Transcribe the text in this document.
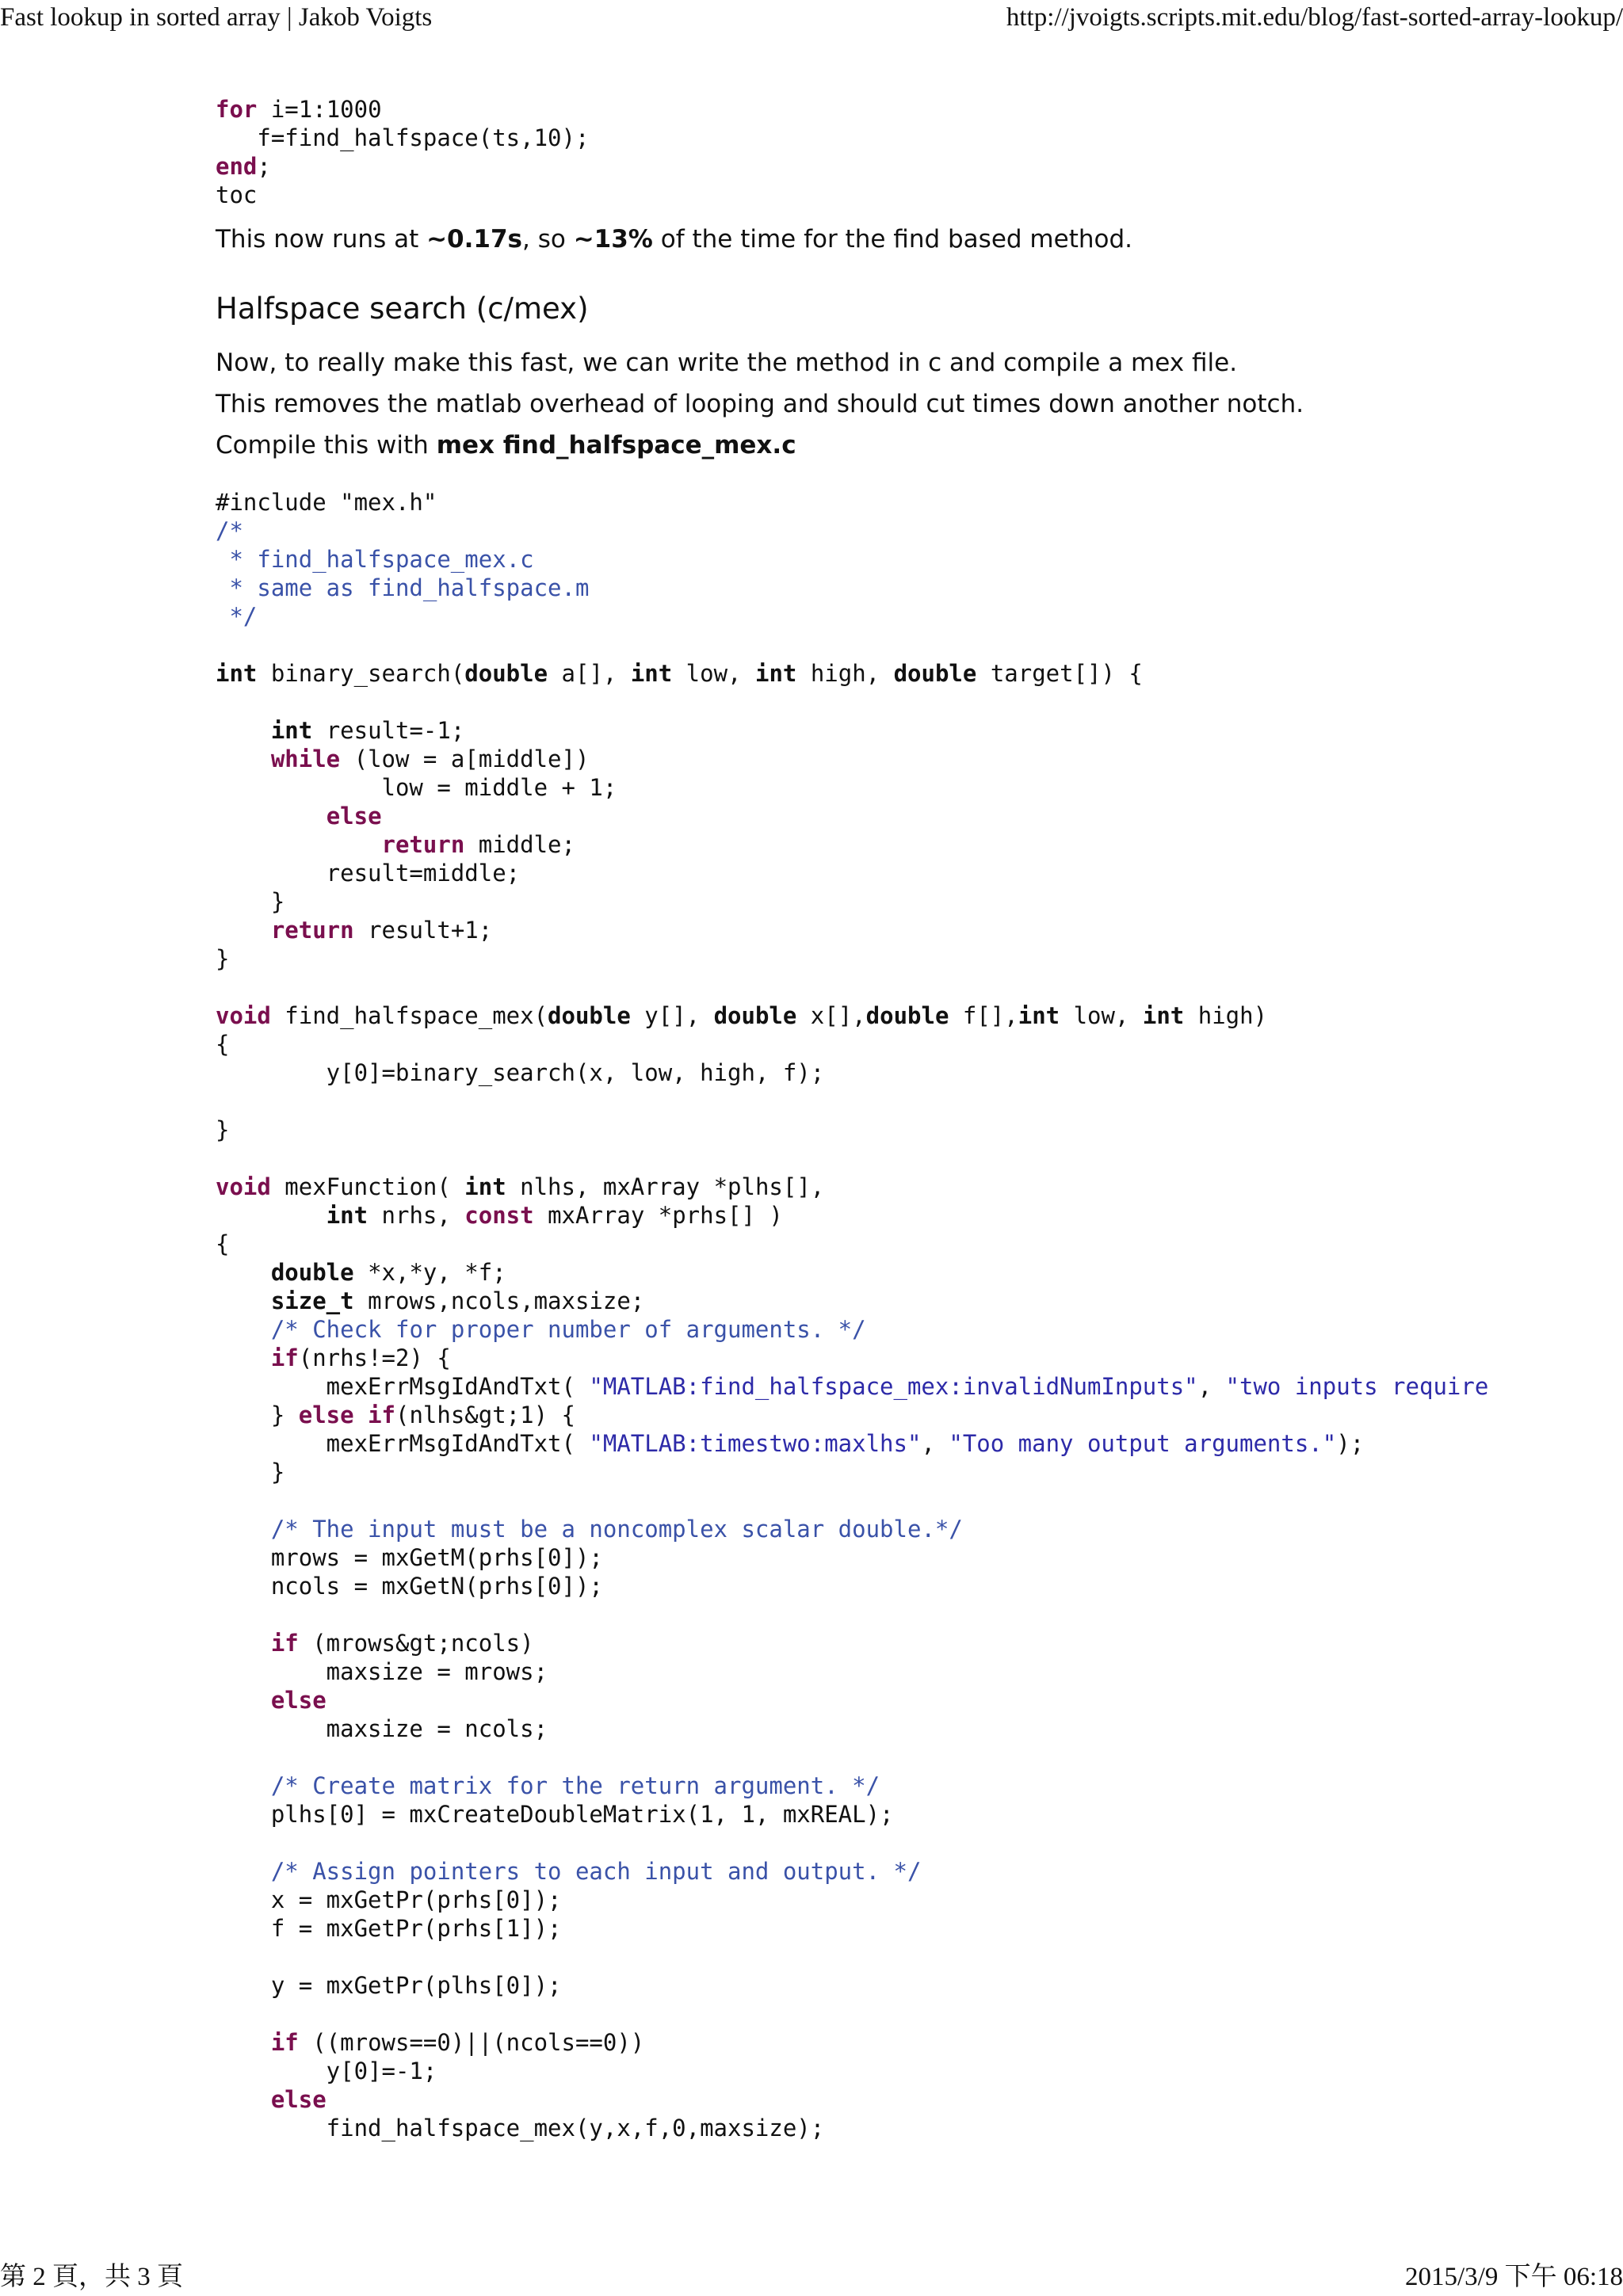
Fast lookup in sorted array | Jakob Voigts	http://jvoigts.scripts.mit.edu/blog/fast-sorted-array-lookup/
for i=1:1000
f=find_halfspace(ts,10);
end;
toc

This now runs at ~0.17s, so ~13% of the time for the find based method.

Halfspace search (c/mex)

Now, to really make this fast, we can write the method in c and compile a mex file.

This removes the matlab overhead of looping and should cut times down another notch.

Compile this with mex find_halfspace_mex.c

#include "mex.h"
/*
* find_halfspace_mex.c
* same as find_halfspace.m
*/
int binary_search(double a[], int low, int high, double target[]) {
int result=-1;
while (low = a[middle])
low = middle + 1;
else
return middle;
result=middle;
}
return result+1;
}
void find_halfspace_mex(double y[], double x[],double f[],int low, int high)
{
y[0]=binary_search(x, low, high, f);
}
void mexFunction( int nlhs, mxArray *plhs[],
int nrhs, const mxArray *prhs[] )
{
double *x,*y, *f;
size_t mrows,ncols,maxsize;
/* Check for proper number of arguments. */
if(nrhs!=2) {
mexErrMsgIdAndTxt( "MATLAB:find_halfspace_mex:invalidNumInputs", "two inputs require
} else if(nlhs&gt;1) {
mexErrMsgIdAndTxt( "MATLAB:timestwo:maxlhs", "Too many output arguments.");
}
/* The input must be a noncomplex scalar double.*/
mrows = mxGetM(prhs[0]);
ncols = mxGetN(prhs[0]);
if (mrows&gt;ncols)
maxsize = mrows;
else
maxsize = ncols;
/* Create matrix for the return argument. */
plhs[0] = mxCreateDoubleMatrix(1, 1, mxREAL);
/* Assign pointers to each input and output. */
x = mxGetPr(prhs[0]);
f = mxGetPr(prhs[1]);
y = mxGetPr(plhs[0]);
if ((mrows==0)||(ncols==0))
y[0]=-1;
else
find_halfspace_mex(y,x,f,0,maxsize);
第 2 頁，共 3 頁	2015/3/9 下午 06:18
